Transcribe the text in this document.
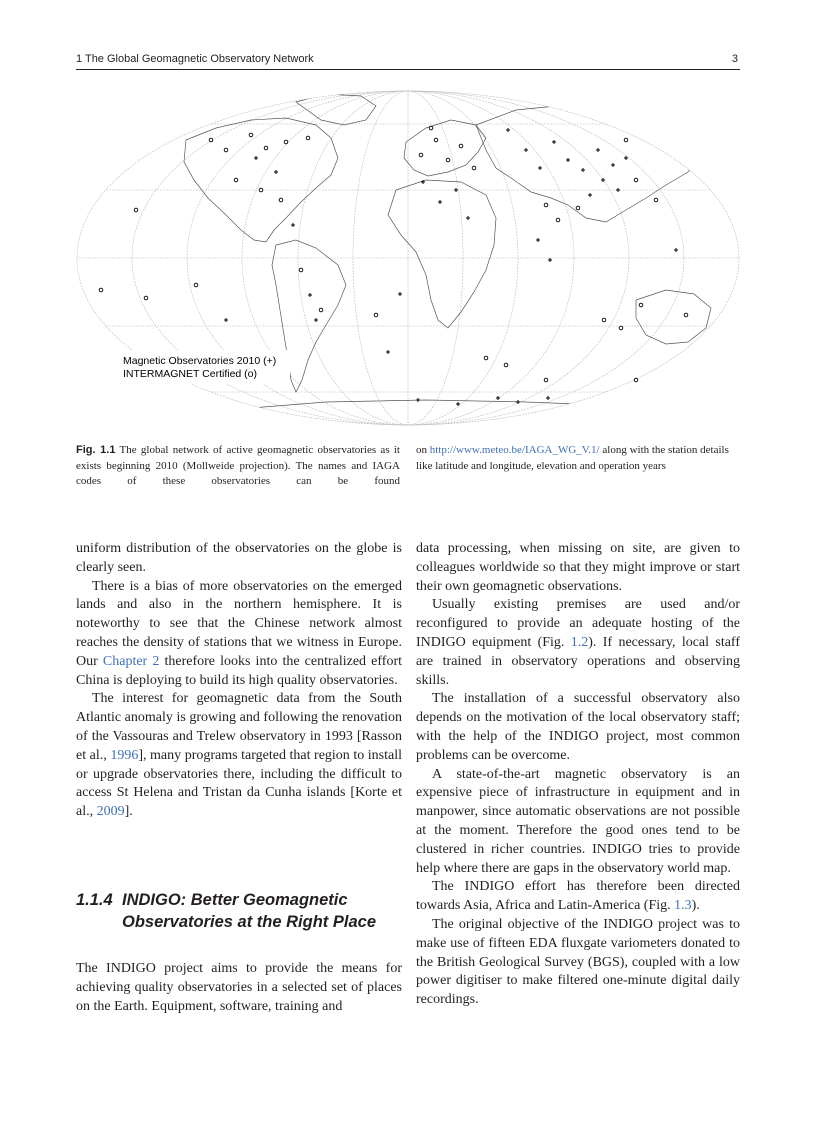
1 The Global Geomagnetic Observatory Network	3
Magnetic Observatories 2010 (+)
INTERMAGNET Certified (o)
Fig. 1.1 The global network of active geomagnetic observatories as it exists beginning 2010 (Mollweide projection). The names and IAGA codes of these observatories can be found
on http://www.meteo.be/IAGA_WG_V.1/ along with the station details like latitude and longitude, elevation and operation years

uniform distribution of the observatories on the globe is clearly seen.

There is a bias of more observatories on the emerged lands and also in the northern hemisphere. It is noteworthy to see that the Chinese network almost reaches the density of stations that we witness in Europe. Our Chapter 2 therefore looks into the centralized effort China is deploying to build its high quality observatories.

The interest for geomagnetic data from the South Atlantic anomaly is growing and following the renovation of the Vassouras and Trelew observatory in 1993 [Rasson et al., 1996], many programs targeted that region to install or upgrade observatories there, including the difficult to access St Helena and Tristan da Cunha islands [Korte et al., 2009].

1.1.4 INDIGO: Better Geomagnetic
Observatories at the Right Place

The INDIGO project aims to provide the means for achieving quality observatories in a selected set of places on the Earth. Equipment, software, training and

data processing, when missing on site, are given to colleagues worldwide so that they might improve or start their own geomagnetic observations.

Usually existing premises are used and/or reconfigured to provide an adequate hosting of the INDIGO equipment (Fig. 1.2). If necessary, local staff are trained in observatory operations and observing skills.

The installation of a successful observatory also depends on the motivation of the local observatory staff; with the help of the INDIGO project, most common problems can be overcome.

A state-of-the-art magnetic observatory is an expensive piece of infrastructure in equipment and in manpower, since automatic observations are not possible at the moment. Therefore the good ones tend to be clustered in richer countries. INDIGO tries to provide help where there are gaps in the observatory world map.

The INDIGO effort has therefore been directed towards Asia, Africa and Latin-America (Fig. 1.3).

The original objective of the INDIGO project was to make use of fifteen EDA fluxgate variometers donated to the British Geological Survey (BGS), coupled with a low power digitiser to make filtered one-minute digital daily recordings.
